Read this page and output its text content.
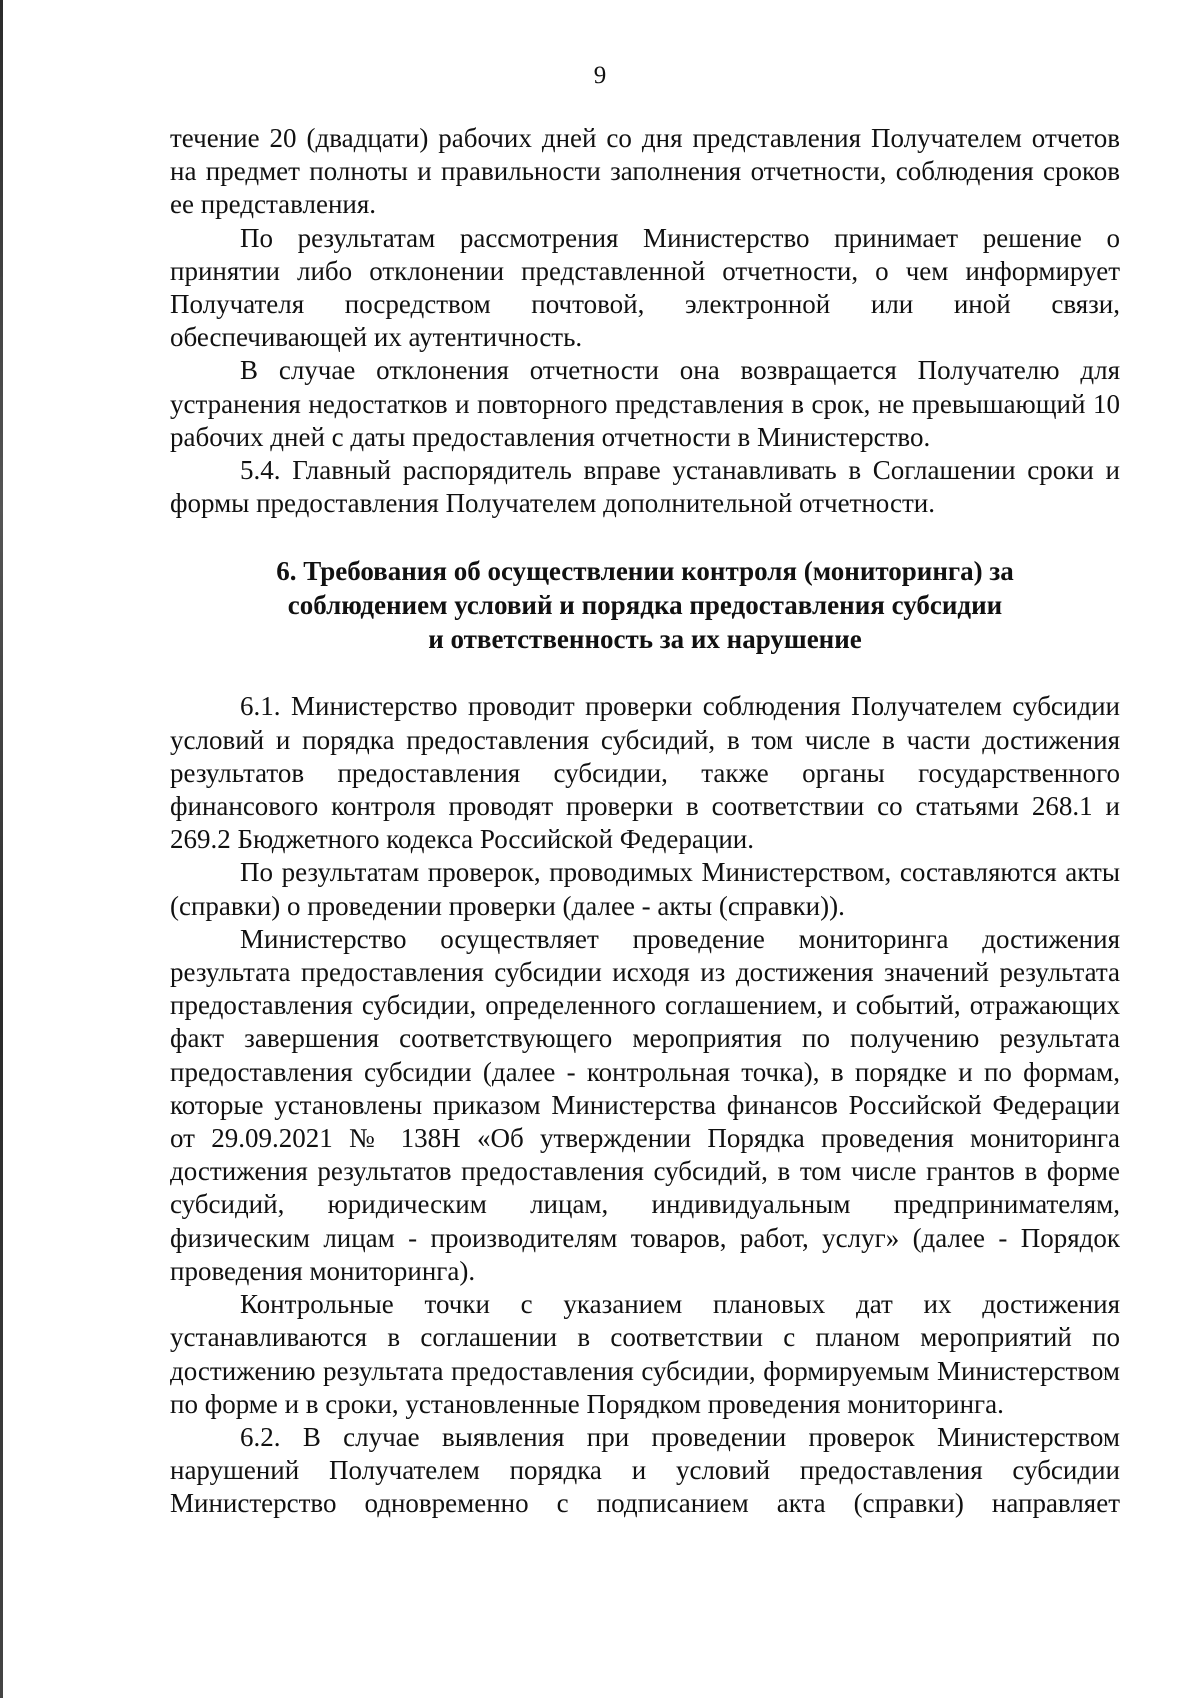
9

течение 20 (двадцати) рабочих дней со дня представления Получателем отчетов на предмет полноты и правильности заполнения отчетности, соблюдения сроков ее представления.

По результатам рассмотрения Министерство принимает решение о принятии либо отклонении представленной отчетности, о чем информирует Получателя посредством почтовой, электронной или иной связи, обеспечивающей их аутентичность.

В случае отклонения отчетности она возвращается Получателю для устранения недостатков и повторного представления в срок, не превышающий 10 рабочих дней с даты предоставления отчетности в Министерство.

5.4. Главный распорядитель вправе устанавливать в Соглашении сроки и формы предоставления Получателем дополнительной отчетности.

6. Требования об осуществлении контроля (мониторинга) за
соблюдением условий и порядка предоставления субсидии
и ответственность за их нарушение

6.1. Министерство проводит проверки соблюдения Получателем субсидии условий и порядка предоставления субсидий, в том числе в части достижения результатов предоставления субсидии, также органы государственного финансового контроля проводят проверки в соответствии со статьями 268.1 и 269.2 Бюджетного кодекса Российской Федерации.

По результатам проверок, проводимых Министерством, составляются акты (справки) о проведении проверки (далее - акты (справки)).

Министерство осуществляет проведение мониторинга достижения результата предоставления субсидии исходя из достижения значений результата предоставления субсидии, определенного соглашением, и событий, отражающих факт завершения соответствующего мероприятия по получению результата предоставления субсидии (далее - контрольная точка), в порядке и по формам, которые установлены приказом Министерства финансов Российской Федерации от 29.09.2021 № 138Н «Об утверждении Порядка проведения мониторинга достижения результатов предоставления субсидий, в том числе грантов в форме субсидий, юридическим лицам, индивидуальным предпринимателям, физическим лицам - производителям товаров, работ, услуг» (далее - Порядок проведения мониторинга).

Контрольные точки с указанием плановых дат их достижения устанавливаются в соглашении в соответствии с планом мероприятий по достижению результата предоставления субсидии, формируемым Министерством по форме и в сроки, установленные Порядком проведения мониторинга.

6.2. В случае выявления при проведении проверок Министерством нарушений Получателем порядка и условий предоставления субсидии Министерство одновременно с подписанием акта (справки) направляет
